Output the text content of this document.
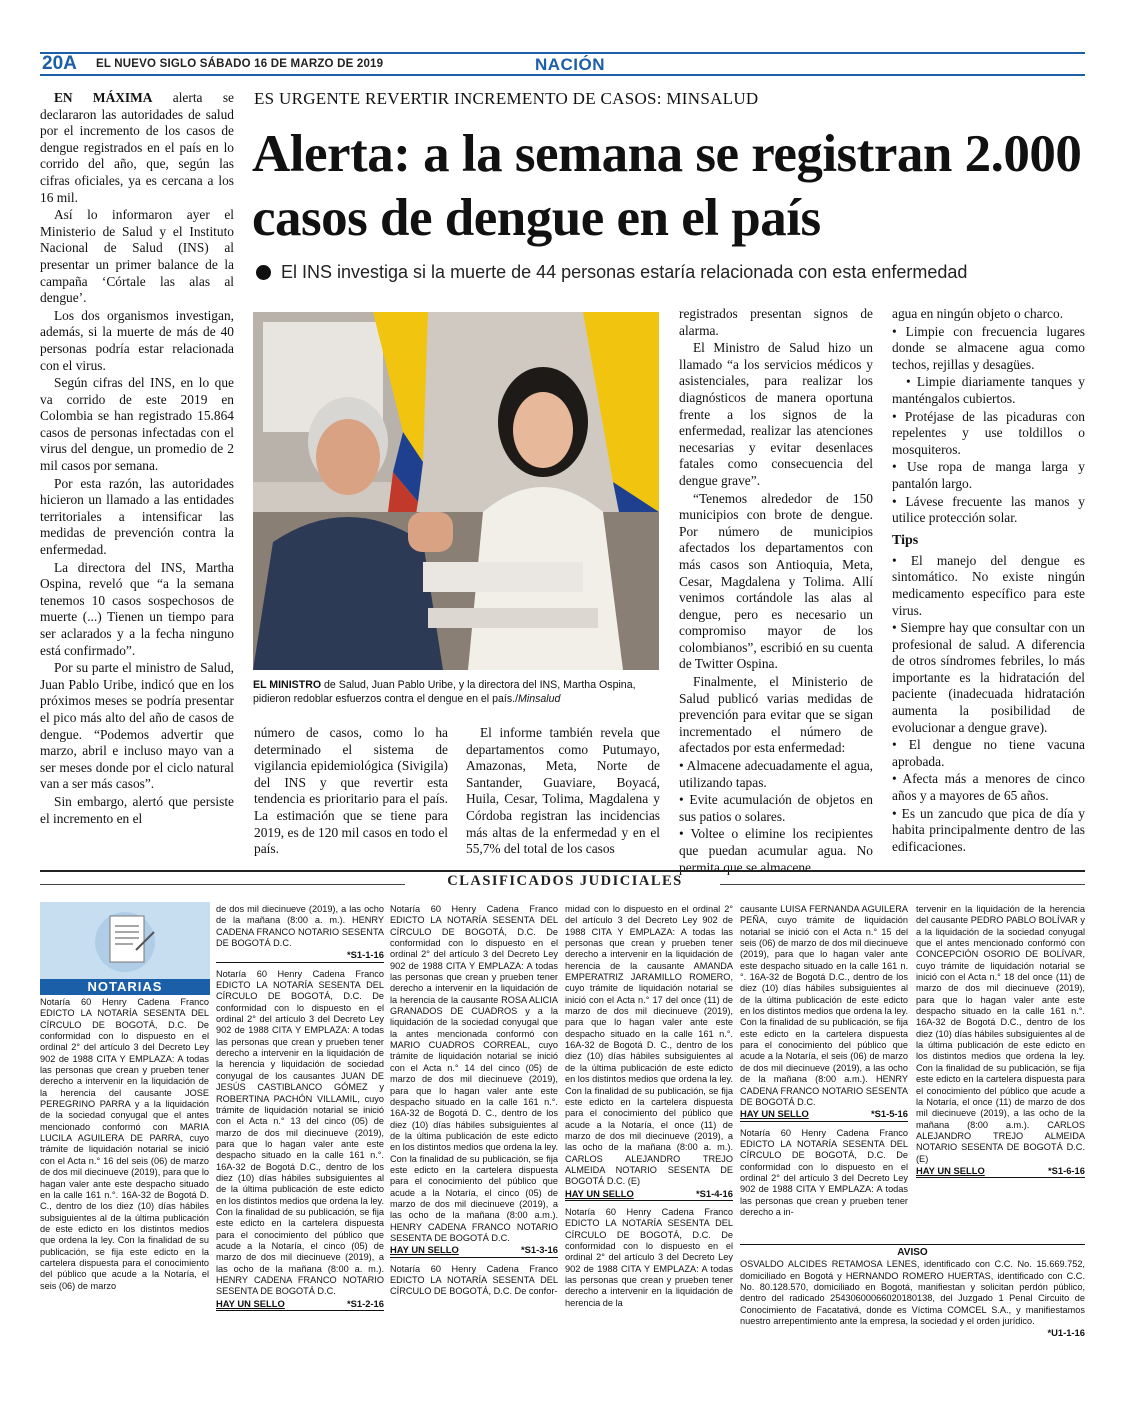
20A EL NUEVO SIGLO SÁBADO 16 DE MARZO DE 2019	NACIÓN
ES URGENTE REVERTIR INCREMENTO DE CASOS: MINSALUD
Alerta: a la semana se registran 2.000 casos de dengue en el país
El INS investiga si la muerte de 44 personas estaría relacionada con esta enfermedad

EN MÁXIMA alerta se declararon las autoridades de salud por el incremento de los casos de dengue registrados en el país en lo corrido del año, que, según las cifras oficiales, ya es cercana a los 16 mil.

Así lo informaron ayer el Ministerio de Salud y el Instituto Nacional de Salud (INS) al presentar un primer balance de la campaña ‘Córtale las alas al dengue’.

Los dos organismos investigan, además, si la muerte de más de 40 personas podría estar relacionada con el virus.

Según cifras del INS, en lo que va corrido de este 2019 en Colombia se han registrado 15.864 casos de personas infectadas con el virus del dengue, un promedio de 2 mil casos por semana.

Por esta razón, las autoridades hicieron un llamado a las entidades territoriales a intensificar las medidas de prevención contra la enfermedad.

La directora del INS, Martha Ospina, reveló que “a la semana tenemos 10 casos sospechosos de muerte (...) Tienen un tiempo para ser aclarados y a la fecha ninguno está confirmado”.

Por su parte el ministro de Salud, Juan Pablo Uribe, indicó que en los próximos meses se podría presentar el pico más alto del año de casos de dengue. “Podemos advertir que marzo, abril e incluso mayo van a ser meses donde por el ciclo natural van a ser más casos”.

Sin embargo, alertó que persiste el incremento en el

EL MINISTRO de Salud, Juan Pablo Uribe, y la directora del INS, Martha Ospina, pidieron redoblar esfuerzos contra el dengue en el país./Minsalud

número de casos, como lo ha determinado el sistema de vigilancia epidemiológica (Sivigila) del INS y que revertir esta tendencia es prioritario para el país. La estimación que se tiene para 2019, es de 120 mil casos en todo el país.

El informe también revela que departamentos como Putumayo, Amazonas, Meta, Norte de Santander, Guaviare, Boyacá, Huila, Cesar, Tolima, Magdalena y Córdoba registran las incidencias más altas de la enfermedad y en el 55,7% del total de los casos

registrados presentan signos de alarma.

El Ministro de Salud hizo un llamado “a los servicios médicos y asistenciales, para realizar los diagnósticos de manera oportuna frente a los signos de la enfermedad, realizar las atenciones necesarias y evitar desenlaces fatales como consecuencia del dengue grave”.

“Tenemos alrededor de 150 municipios con brote de dengue. Por número de municipios afectados los departamentos con más casos son Antioquia, Meta, Cesar, Magdalena y Tolima. Allí venimos cortándole las alas al dengue, pero es necesario un compromiso mayor de los colombianos”, escribió en su cuenta de Twitter Ospina.

Finalmente, el Ministerio de Salud publicó varias medidas de prevención para evitar que se sigan incrementado el número de afectados por esta enfermedad:

• Almacene adecuadamente el agua, utilizando tapas.

• Evite acumulación de objetos en sus patios o solares.

• Voltee o elimine los recipientes que puedan acumular agua. No permita que se almacene

agua en ningún objeto o charco.

• Limpie con frecuencia lugares donde se almacene agua como techos, rejillas y desagües.

• Limpie diariamente tanques y manténgalos cubiertos.

• Protéjase de las picaduras con repelentes y use toldillos o mosquiteros.

• Use ropa de manga larga y pantalón largo.

• Lávese frecuente las manos y utilice protección solar.

Tips

• El manejo del dengue es sintomático. No existe ningún medicamento específico para este virus.

• Siempre hay que consultar con un profesional de salud. A diferencia de otros síndromes febriles, lo más importante es la hidratación del paciente (inadecuada hidratación aumenta la posibilidad de evolucionar a dengue grave).

• El dengue no tiene vacuna aprobada.

• Afecta más a menores de cinco años y a mayores de 65 años.

• Es un zancudo que pica de día y habita principalmente dentro de las edificaciones.

CLASIFICADOS JUDICIALES
NOTARIAS
Notaría 60 Henry Cadena Franco EDICTO LA NOTARÍA SESENTA DEL CÍRCULO DE BOGOTÁ, D.C. De conformidad con lo dispuesto en el ordinal 2° del artículo 3 del Decreto Ley 902 de 1988 CITA Y EMPLAZA: A todas las personas que crean y prueben tener derecho a intervenir en la liquidación de la herencia del causante JOSE PEREGRINO PARRA y a la liquidación de la sociedad conyugal que el antes mencionado conformó con MARIA LUCILA AGUILERA DE PARRA, cuyo trámite de liquidación notarial se inició con el Acta n.° 16 del seis (06) de marzo de dos mil diecinueve (2019), para que lo hagan valer ante este despacho situado en la calle 161 n.°. 16A-32 de Bogotá D. C., dentro de los diez (10) días hábiles subsiguientes al de la última publicación de este edicto en los distintos medios que ordena la ley. Con la finalidad de su publicación, se fija este edicto en la cartelera dispuesta para el conocimiento del público que acude a la Notaría, el seis (06) de marzo
de dos mil diecinueve (2019), a las ocho de la mañana (8:00 a. m.). HENRY CADENA FRANCO NOTARIO SESENTA DE BOGOTÁ D.C.
*S1-1-16
Notaría 60 Henry Cadena Franco EDICTO LA NOTARÍA SESENTA DEL CÍRCULO DE BOGOTÁ, D.C. De conformidad con lo dispuesto en el ordinal 2° del artículo 3 del Decreto Ley 902 de 1988 CITA Y EMPLAZA: A todas las personas que crean y prueben tener derecho a intervenir en la liquidación de la herencia y liquidación de sociedad conyugal de los causantes JUAN DE JESÚS CASTIBLANCO GÓMEZ y ROBERTINA PACHÓN VILLAMIL, cuyo trámite de liquidación notarial se inició con el Acta n.° 13 del cinco (05) de marzo de dos mil diecinueve (2019), para que lo hagan valer ante este despacho situado en la calle 161 n.°. 16A-32 de Bogotá D.C., dentro de los diez (10) días hábiles subsiguientes al de la última publicación de este edicto en los distintos medios que ordena la ley. Con la finalidad de su publicación, se fija este edicto en la cartelera dispuesta para el conocimiento del público que acude a la Notaría, el cinco (05) de marzo de dos mil diecinueve (2019), a las ocho de la mañana (8:00 a. m.). HENRY CADENA FRANCO NOTARIO SESENTA DE BOGOTÁ D.C.
HAY UN SELLO	*S1-2-16
Notaría 60 Henry Cadena Franco EDICTO LA NOTARÍA SESENTA DEL CÍRCULO DE BOGOTÁ, D.C. De conformidad con lo dispuesto en el ordinal 2° del artículo 3 del Decreto Ley 902 de 1988 CITA Y EMPLAZA: A todas las personas que crean y prueben tener derecho a intervenir en la liquidación de la herencia de la causante ROSA ALICIA GRANADOS DE CUADROS y a la liquidación de la sociedad conyugal que la antes mencionada conformó con MARIO CUADROS CORREAL, cuyo trámite de liquidación notarial se inició con el Acta n.° 14 del cinco (05) de marzo de dos mil diecinueve (2019), para que lo hagan valer ante este despacho situado en la calle 161 n.°. 16A-32 de Bogotá D. C., dentro de los diez (10) días hábiles subsiguientes al de la última publicación de este edicto en los distintos medios que ordena la ley. Con la finalidad de su publicación, se fija este edicto en la cartelera dispuesta para el conocimiento del público que acude a la Notaría, el cinco (05) de marzo de dos mil diecinueve (2019), a las ocho de la mañana (8:00 a.m.). HENRY CADENA FRANCO NOTARIO SESENTA DE BOGOTÁ D.C.
HAY UN SELLO	*S1-3-16
Notaría 60 Henry Cadena Franco EDICTO LA NOTARÍA SESENTA DEL CÍRCULO DE BOGOTÁ, D.C. De confor-
midad con lo dispuesto en el ordinal 2° del artículo 3 del Decreto Ley 902 de 1988 CITA Y EMPLAZA: A todas las personas que crean y prueben tener derecho a intervenir en la liquidación de herencia de la causante AMANDA EMPERATRIZ JARAMILLO ROMERO, cuyo trámite de liquidación notarial se inició con el Acta n.° 17 del once (11) de marzo de dos mil diecinueve (2019), para que lo hagan valer ante este despacho situado en la calle 161 n.°. 16A-32 de Bogotá D. C., dentro de los diez (10) días hábiles subsiguientes al de la última publicación de este edicto en los distintos medios que ordena la ley. Con la finalidad de su publicación, se fija este edicto en la cartelera dispuesta para el conocimiento del público que acude a la Notaría, el once (11) de marzo de dos mil diecinueve (2019), a las ocho de la mañana (8:00 a. m.). CARLOS ALEJANDRO TREJO ALMEIDA NOTARIO SESENTA DE BOGOTÁ D.C. (E)
HAY UN SELLO	*S1-4-16
Notaría 60 Henry Cadena Franco EDICTO LA NOTARÍA SESENTA DEL CÍRCULO DE BOGOTÁ, D.C. De conformidad con lo dispuesto en el ordinal 2° del artículo 3 del Decreto Ley 902 de 1988 CITA Y EMPLAZA: A todas las personas que crean y prueben tener derecho a intervenir en la liquidación de herencia de la
causante LUISA FERNANDA AGUILERA PEÑA, cuyo trámite de liquidación notarial se inició con el Acta n.° 15 del seis (06) de marzo de dos mil diecinueve (2019), para que lo hagan valer ante este despacho situado en la calle 161 n.°. 16A-32 de Bogotá D.C., dentro de los diez (10) días hábiles subsiguientes al de la última publicación de este edicto en los distintos medios que ordena la ley. Con la finalidad de su publicación, se fija este edicto en la cartelera dispuesta para el conocimiento del público que acude a la Notaría, el seis (06) de marzo de dos mil diecinueve (2019), a las ocho de la mañana (8:00 a.m.). HENRY CADENA FRANCO NOTARIO SESENTA DE BOGOTÁ D.C.
HAY UN SELLO	*S1-5-16
Notaría 60 Henry Cadena Franco EDICTO LA NOTARÍA SESENTA DEL CÍRCULO DE BOGOTÁ, D.C. De conformidad con lo dispuesto en el ordinal 2° del artículo 3 del Decreto Ley 902 de 1988 CITA Y EMPLAZA: A todas las personas que crean y prueben tener derecho a in-
tervenir en la liquidación de la herencia del causante PEDRO PABLO BOLÍVAR y a la liquidación de la sociedad conyugal que el antes mencionado conformó con CONCEPCIÓN OSORIO DE BOLÍVAR, cuyo trámite de liquidación notarial se inició con el Acta n.° 18 del once (11) de marzo de dos mil diecinueve (2019), para que lo hagan valer ante este despacho situado en la calle 161 n.°. 16A-32 de Bogotá D.C., dentro de los diez (10) días hábiles subsiguientes al de la última publicación de este edicto en los distintos medios que ordena la ley. Con la finalidad de su publicación, se fija este edicto en la cartelera dispuesta para el conocimiento del público que acude a la Notaría, el once (11) de marzo de dos mil diecinueve (2019), a las ocho de la mañana (8:00 a.m.). CARLOS ALEJANDRO TREJO ALMEIDA NOTARIO SESENTA DE BOGOTÁ D.C. (E)
HAY UN SELLO	*S1-6-16
AVISO
OSVALDO ALCIDES RETAMOSA LENES, identificado con C.C. No. 15.669.752, domiciliado en Bogotá y HERNANDO ROMERO HUERTAS, identificado con C.C. No. 80.128.570, domiciliado en Bogotá, manifiestan y solicitan perdón público, dentro del radicado 25430600066020180138, del Juzgado 1 Penal Circuito de Conocimiento de Facatativá, donde es Víctima COMCEL S.A., y manifiestamos nuestro arrepentimiento ante la empresa, la sociedad y el orden jurídico.
*U1-1-16
